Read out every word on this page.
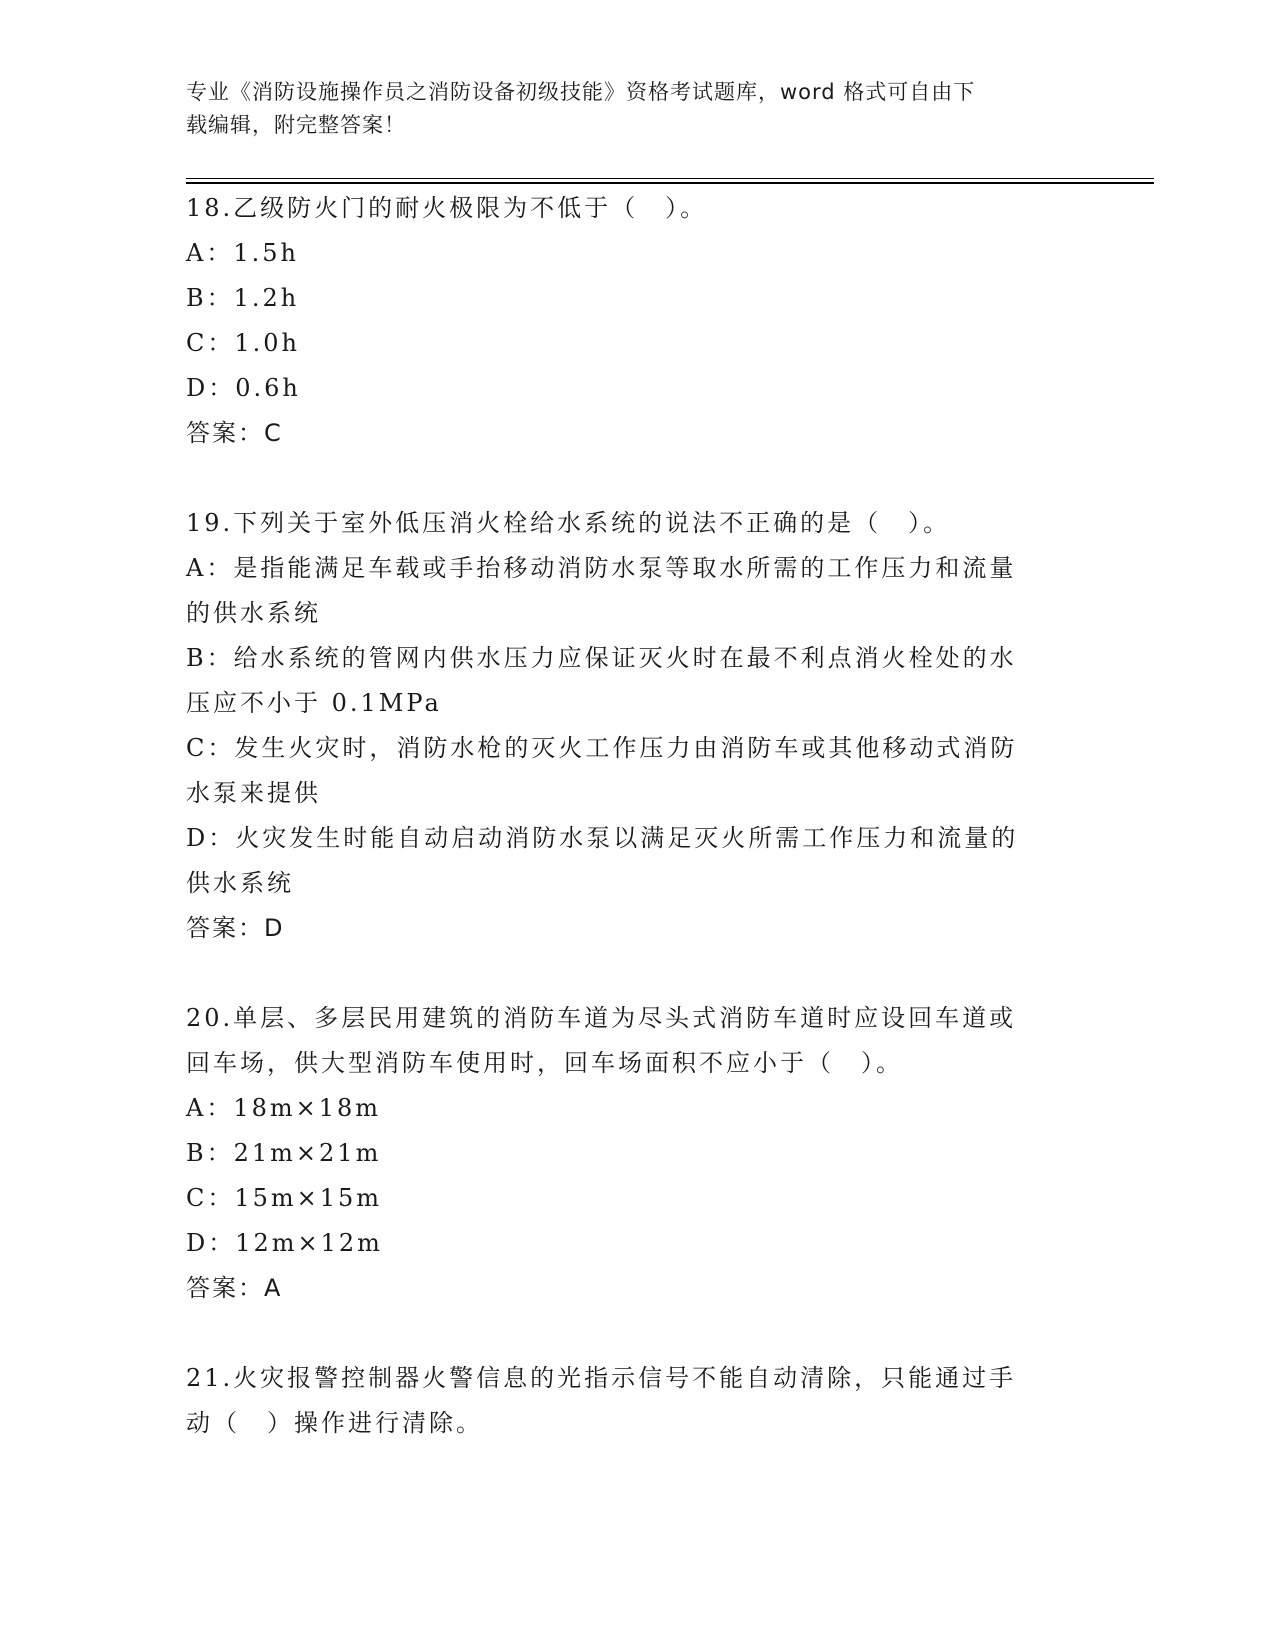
专业《消防设施操作员之消防设备初级技能》资格考试题库，word 格式可自由下
载编辑，附完整答案！
18.乙级防火门的耐火极限为不低于（　）。
A：1.5h
B：1.2h
C：1.0h
D：0.6h
答案：C
19.下列关于室外低压消火栓给水系统的说法不正确的是（　）。
A：是指能满足车载或手抬移动消防水泵等取水所需的工作压力和流量
的供水系统
B：给水系统的管网内供水压力应保证灭火时在最不利点消火栓处的水
压应不小于 0.1MPa
C：发生火灾时，消防水枪的灭火工作压力由消防车或其他移动式消防
水泵来提供
D：火灾发生时能自动启动消防水泵以满足灭火所需工作压力和流量的
供水系统
答案：D
20.单层、多层民用建筑的消防车道为尽头式消防车道时应设回车道或
回车场，供大型消防车使用时，回车场面积不应小于（　）。
A：18m×18m
B：21m×21m
C：15m×15m
D：12m×12m
答案：A
21.火灾报警控制器火警信息的光指示信号不能自动清除，只能通过手
动（　）操作进行清除。
